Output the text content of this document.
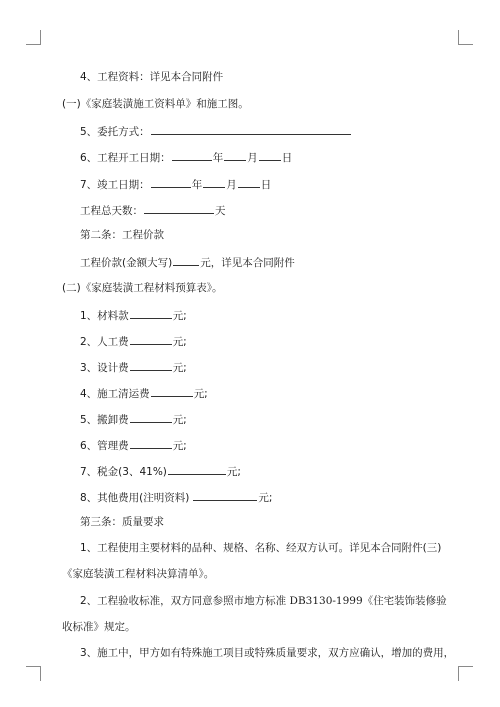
4、工程资料：详见本合同附件
(一)《家庭装潢施工资料单》和施工图。
5、委托方式：
6、工程开工日期：	年 月 日
7、竣工日期：	年 月 日
工程总天数：	天
第二条：工程价款
工程价款(金额大写)	元，详见本合同附件
(二)《家庭装潢工程材料预算表》。
1、材料款	元;
2、人工费	元;
3、设计费	元;
4、施工清运费	元;
5、搬卸费	元;
6、管理费	元;
7、税金(3、41%)	元;
8、其他费用(注明资料)	元;
第三条：质量要求
1、工程使用主要材料的品种、规格、名称、经双方认可。详见本合同附件(三)
《家庭装潢工程材料决算清单》。
2、工程验收标准，双方同意参照市地方标准 DB3130-1999《住宅装饰装修验
收标准》规定。
3、施工中，甲方如有特殊施工项目或特殊质量要求，双方应确认，增加的费用，
